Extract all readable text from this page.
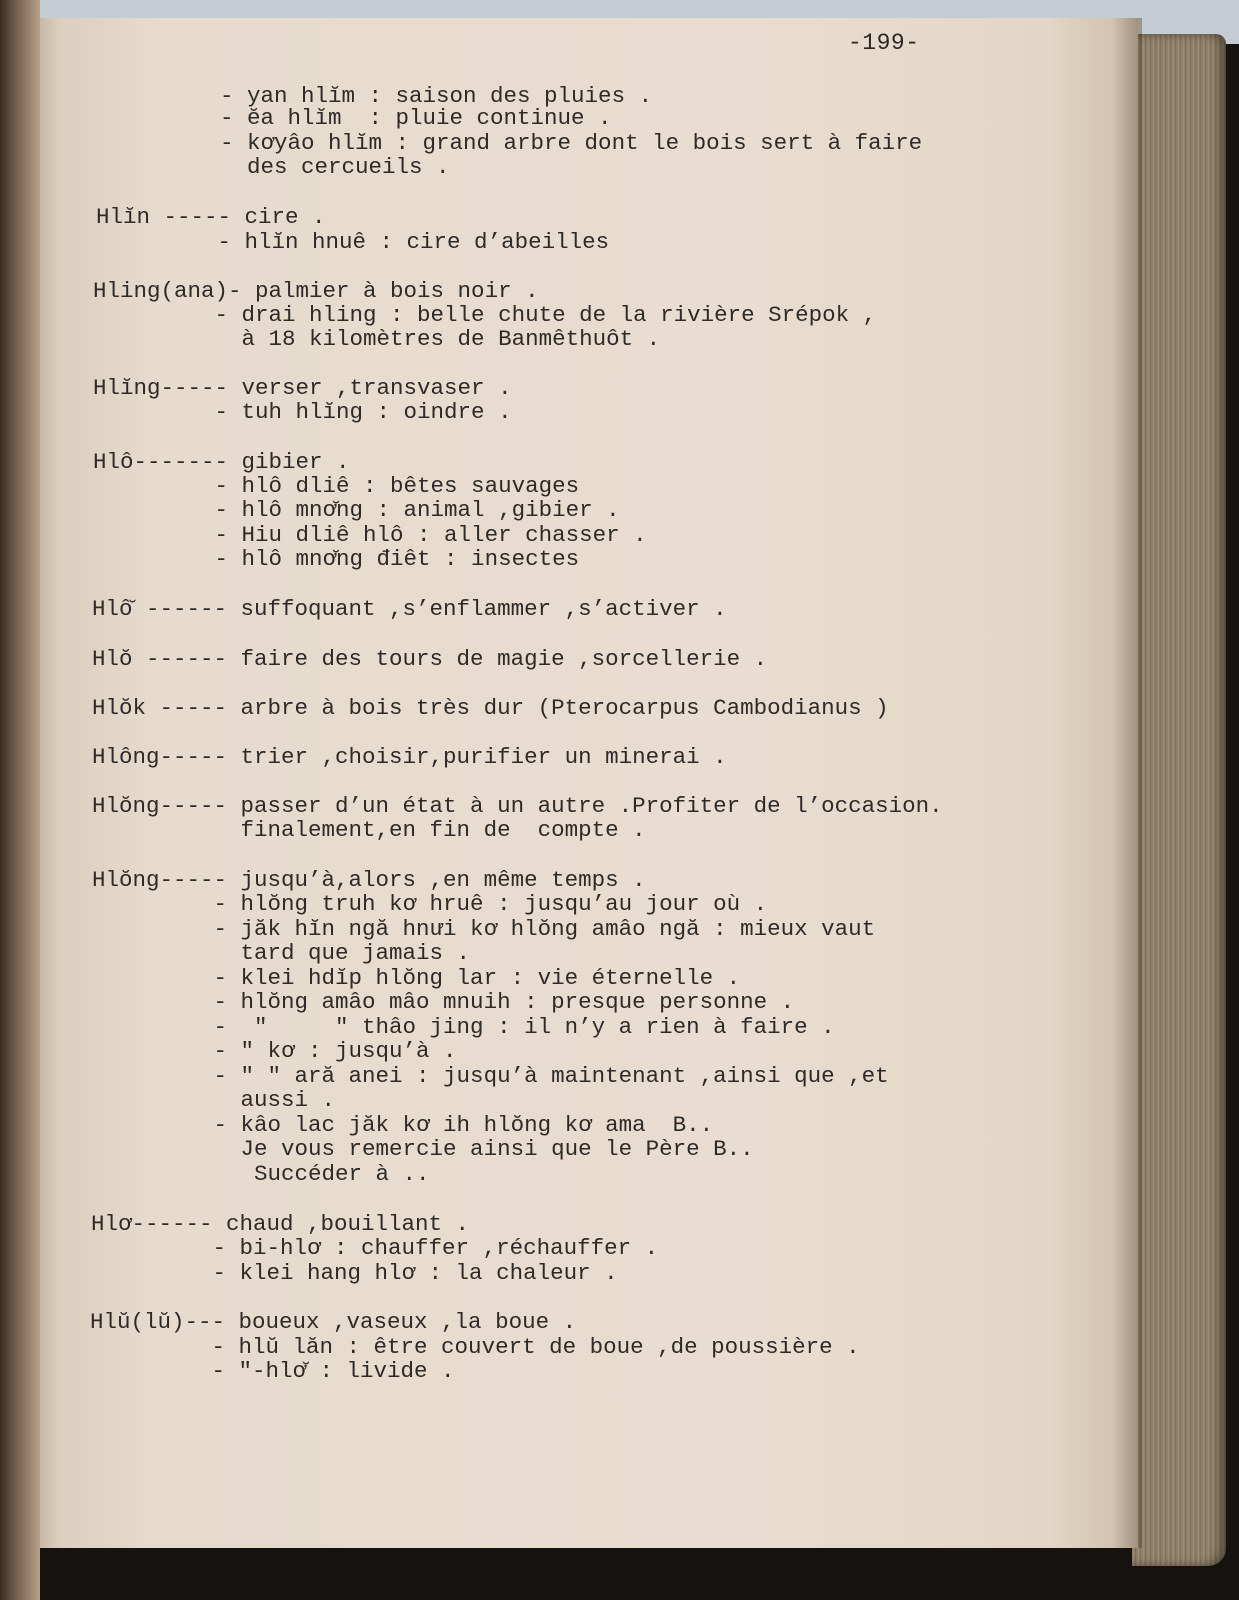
-199-
- yan hlĭm : saison des pluies .
- ĕa hlĭm  : pluie continue .
- kơyâo hlĭm : grand arbre dont le bois sert à faire
des cercueils .
Hlĭn ----- cire .
- hlĭn hnuê : cire d’abeilles
Hling(ana)- palmier à bois noir .
- drai hling : belle chute de la rivière Srépok ,
à 18 kilomètres de Banmêthuôt .
Hlĭng----- verser ,transvaser .
- tuh hlĭng : oindre .
Hlô------- gibier .
- hlô dliê : bêtes sauvages
- hlô mnơ̆ng : animal ,gibier .
- Hiu dliê hlô : aller chasser .
- hlô mnơ̆ng điêt : insectes
Hlô̆ ------ suffoquant ,s’enflammer ,s’activer .
Hlŏ ------ faire des tours de magie ,sorcellerie .
Hlŏk ----- arbre à bois très dur (Pterocarpus Cambodianus )
Hlông----- trier ,choisir,purifier un minerai .
Hlŏng----- passer d’un état à un autre .Profiter de l’occasion.
finalement,en fin de  compte .
Hlŏng----- jusqu’à,alors ,en même temps .
- hlŏng truh kơ hruê : jusqu’au jour où .
- jăk hĭn ngă hnưi kơ hlŏng amâo ngă : mieux vaut
tard que jamais .
- klei hdĭp hlŏng lar : vie éternelle .
- hlŏng amâo mâo mnuih : presque personne .
-  "     " thâo jing : il n’y a rien à faire .
- " kơ : jusqu’à .
- " " ară anei : jusqu’à maintenant ,ainsi que ,et
aussi .
- kâo lac jăk kơ ih hlŏng kơ ama  B..
Je vous remercie ainsi que le Père B..
Succéder à ..
Hlơ------ chaud ,bouillant .
- bi-hlơ : chauffer ,réchauffer .
- klei hang hlơ : la chaleur .
Hlŭ(lŭ)--- boueux ,vaseux ,la boue .
- hlŭ lăn : être couvert de boue ,de poussière .
- "-hlơ̆ : livide .
